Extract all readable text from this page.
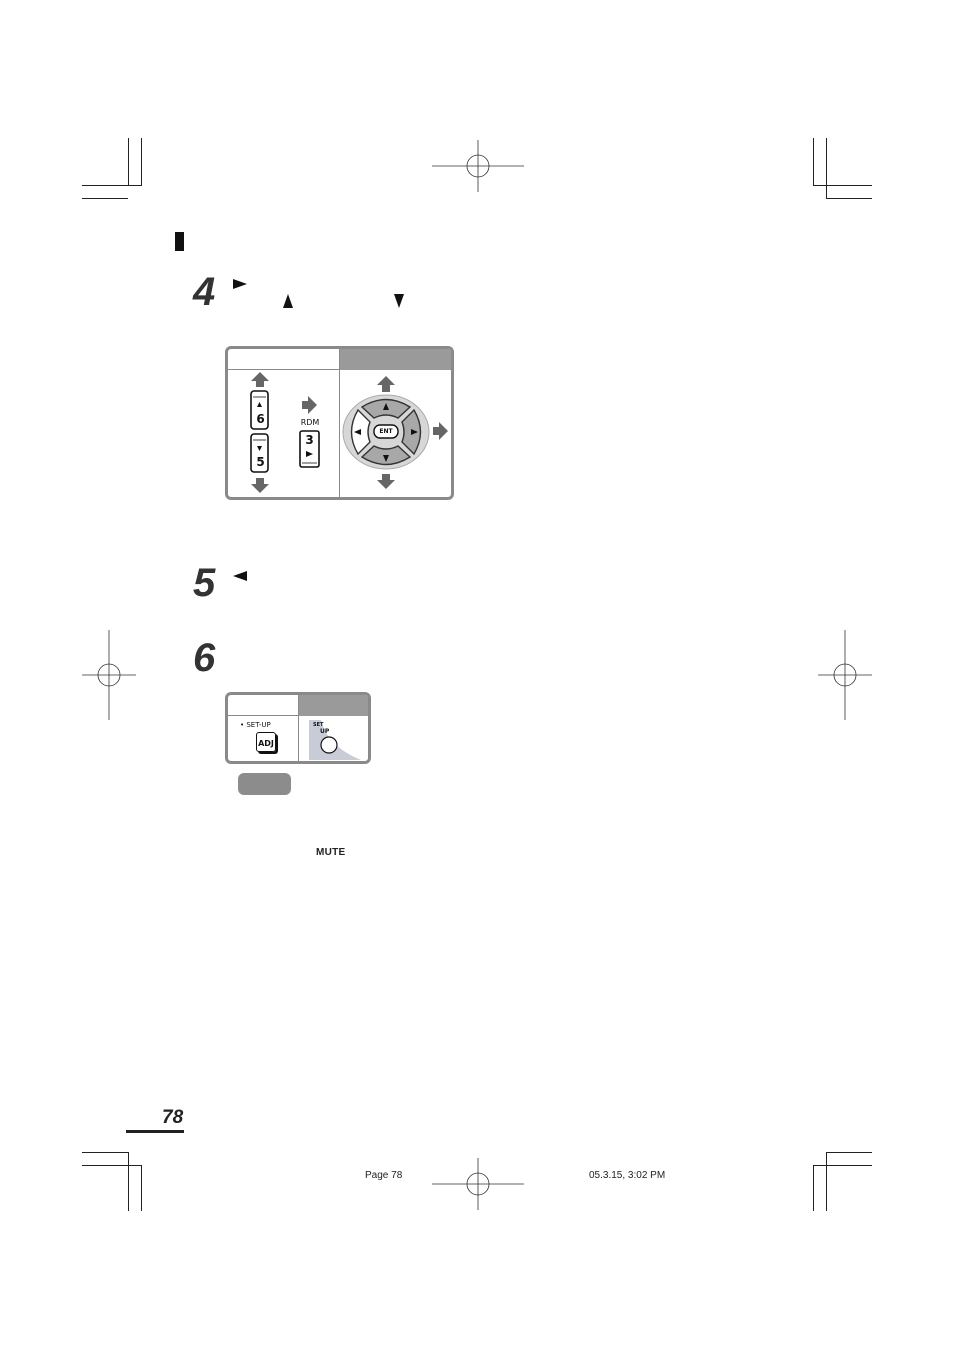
4
6
5
RDM
3
ENT
5
6
• SET-UP
ADJ
SET
UP
MUTE
78
Page 78	05.3.15, 3:02 PM
